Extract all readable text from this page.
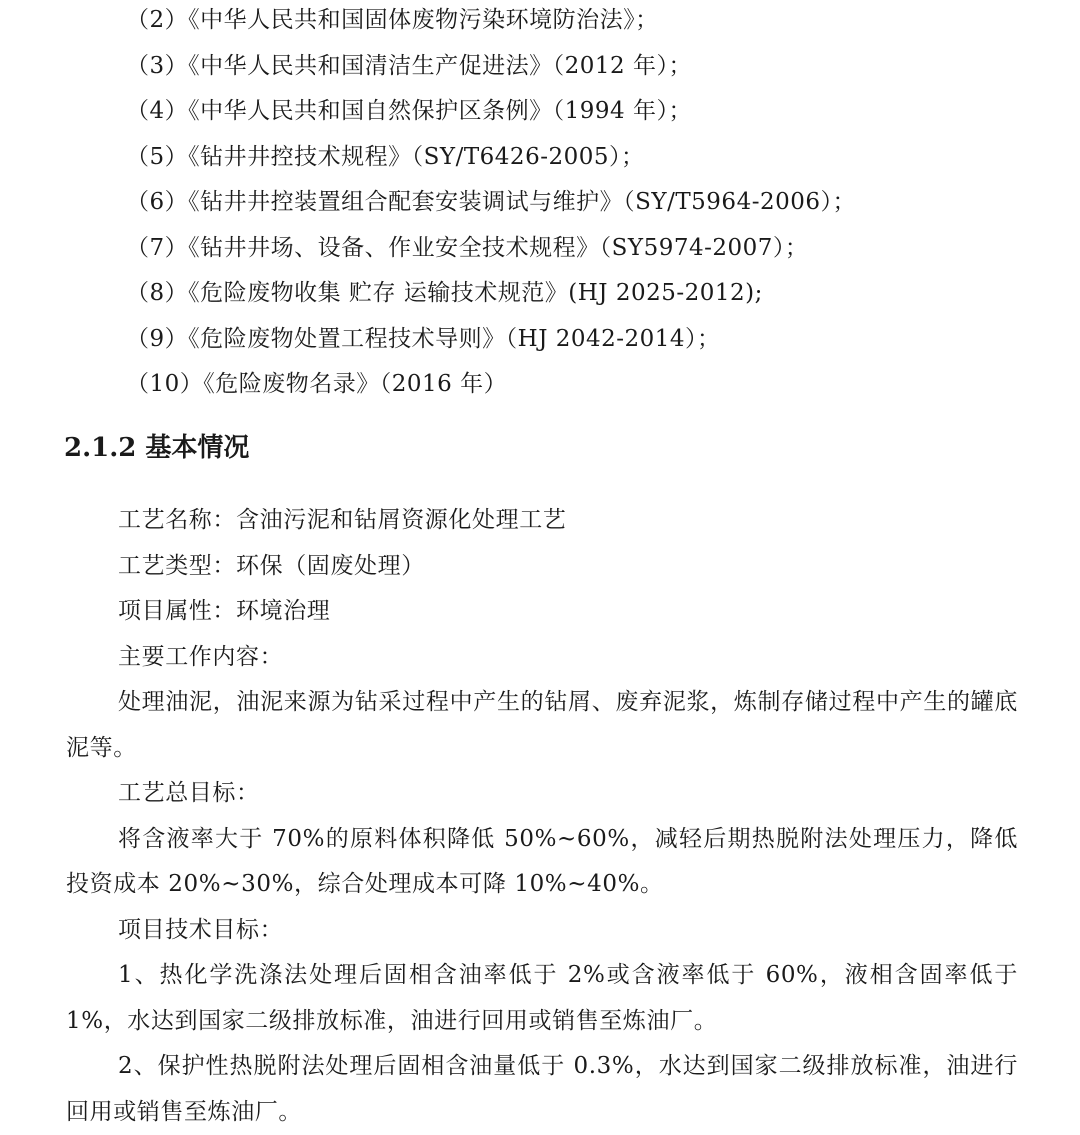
（2）《中华人民共和国固体废物污染环境防治法》；
（3）《中华人民共和国清洁生产促进法》（2012 年）；
（4）《中华人民共和国自然保护区条例》（1994 年）；
（5）《钻井井控技术规程》（SY/T6426-2005）；
（6）《钻井井控装置组合配套安装调试与维护》（SY/T5964-2006）；
（7）《钻井井场、设备、作业安全技术规程》（SY5974-2007）；
（8）《危险废物收集 贮存 运输技术规范》(HJ 2025-2012);
（9）《危险废物处置工程技术导则》（HJ 2042-2014）；
（10）《危险废物名录》（2016 年）
2.1.2 基本情况

工艺名称：含油污泥和钻屑资源化处理工艺

工艺类型：环保（固废处理）

项目属性：环境治理

主要工作内容：

处理油泥，油泥来源为钻采过程中产生的钻屑、废弃泥浆，炼制存储过程中产生的罐底泥等。

工艺总目标：

将含液率大于 70%的原料体积降低 50%~60%，减轻后期热脱附法处理压力，降低投资成本 20%~30%，综合处理成本可降 10%~40%。

项目技术目标：

1、热化学洗涤法处理后固相含油率低于 2%或含液率低于 60%，液相含固率低于 1%，水达到国家二级排放标准，油进行回用或销售至炼油厂。

2、保护性热脱附法处理后固相含油量低于 0.3%，水达到国家二级排放标准，油进行回用或销售至炼油厂。
